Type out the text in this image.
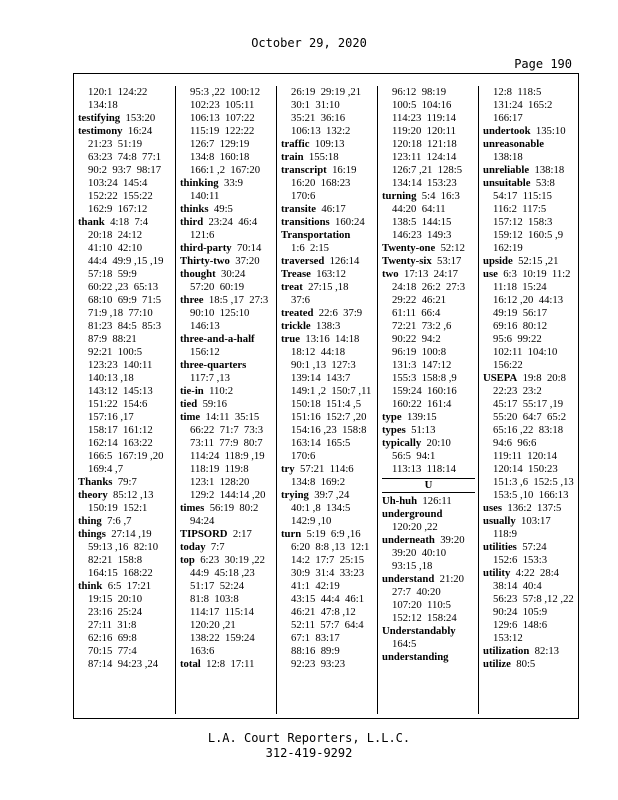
October 29, 2020
Page 190
120:1  124:22
134:18
testifying  153:20
testimony  16:24
21:23  51:19
63:23  74:8  77:1
90:2  93:7  98:17
103:24  145:4
152:22  155:22
162:9  167:12
thank  4:18  7:4
20:18  24:12
41:10  42:10
44:4  49:9 ,15 ,19
57:18  59:9
60:22 ,23  65:13
68:10  69:9  71:5
71:9 ,18  77:10
81:23  84:5  85:3
87:9  88:21
92:21  100:5
123:23  140:11
140:13 ,18
143:12  145:13
151:22  154:6
157:16 ,17
158:17  161:12
162:14  163:22
166:5  167:19 ,20
169:4 ,7
Thanks  79:7
theory  85:12 ,13
150:19  152:1
thing  7:6 ,7
things  27:14 ,19
59:13 ,16  82:10
82:21  158:8
164:15  168:22
think  6:5  17:21
19:15  20:10
23:16  25:24
27:11  31:8
62:16  69:8
70:15  77:4
87:14  94:23 ,24
95:3 ,22  100:12
102:23  105:11
106:13  107:22
115:19  122:22
126:7  129:19
134:8  160:18
166:1 ,2  167:20
thinking  33:9
140:11
thinks  49:5
third  23:24  46:4
121:6
third-party  70:14
Thirty-two  37:20
thought  30:24
57:20  60:19
three  18:5 ,17  27:3
90:10  125:10
146:13
three-and-a-half
156:12
three-quarters
117:7 ,13
tie-in  110:2
tied  59:16
time  14:11  35:15
66:22  71:7  73:3
73:11  77:9  80:7
114:24  118:9 ,19
118:19  119:8
123:1  128:20
129:2  144:14 ,20
times  56:19  80:2
94:24
TIPSORD  2:17
today  7:7
top  6:23  30:19 ,22
44:9  45:18 ,23
51:17  52:24
81:8  103:8
114:17  115:14
120:20 ,21
138:22  159:24
163:6
total  12:8  17:11
26:19  29:19 ,21
30:1  31:10
35:21  36:16
106:13  132:2
traffic  109:13
train  155:18
transcript  16:19
16:20  168:23
170:6
transite  46:17
transitions  160:24
Transportation
1:6  2:15
traversed  126:14
Trease  163:12
treat  27:15 ,18
37:6
treated  22:6  37:9
trickle  138:3
true  13:16  14:18
18:12  44:18
90:1 ,13  127:3
139:14  143:7
149:1 ,2  150:7 ,11
150:18  151:4 ,5
151:16  152:7 ,20
154:16 ,23  158:8
163:14  165:5
170:6
try  57:21  114:6
134:8  169:2
trying  39:7 ,24
40:1 ,8  134:5
142:9 ,10
turn  5:19  6:9 ,16
6:20  8:8 ,13  12:1
14:2  17:7  25:15
30:9  31:4  33:23
41:1  42:19
43:15  44:4  46:1
46:21  47:8 ,12
52:11  57:7  64:4
67:1  83:17
88:16  89:9
92:23  93:23
96:12  98:19
100:5  104:16
114:23  119:14
119:20  120:11
120:18  121:18
123:11  124:14
126:7 ,21  128:5
134:14  153:23
turning  5:4  16:3
44:20  64:11
138:5  144:15
146:23  149:3
Twenty-one  52:12
Twenty-six  53:17
two  17:13  24:17
24:18  26:2  27:3
29:22  46:21
61:11  66:4
72:21  73:2 ,6
90:22  94:2
96:19  100:8
131:3  147:12
155:3  158:8 ,9
159:24  160:16
160:22  161:4
type  139:15
types  51:13
typically  20:10
56:5  94:1
113:13  118:14
U
Uh-huh  126:11
underground
120:20 ,22
underneath  39:20
39:20  40:10
93:15 ,18
understand  21:20
27:7  40:20
107:20  110:5
152:12  158:24
Understandably
164:5
understanding
12:8  118:5
131:24  165:2
166:17
undertook  135:10
unreasonable
138:18
unreliable  138:18
unsuitable  53:8
54:17  115:15
116:2  117:5
157:12  158:3
159:12  160:5 ,9
162:19
upside  52:15 ,21
use  6:3  10:19  11:2
11:18  15:24
16:12 ,20  44:13
49:19  56:17
69:16  80:12
95:6  99:22
102:11  104:10
156:22
USEPA  19:8  20:8
22:23  23:2
45:17  55:17 ,19
55:20  64:7  65:2
65:16 ,22  83:18
94:6  96:6
119:11  120:14
120:14  150:23
151:3 ,6  152:5 ,13
153:5 ,10  166:13
uses  136:2  137:5
usually  103:17
118:9
utilities  57:24
152:6  153:3
utility  4:22  28:4
38:14  40:4
56:23  57:8 ,12 ,22
90:24  105:9
129:6  148:6
153:12
utilization  82:13
utilize  80:5
L.A. Court Reporters, L.L.C.
312-419-9292
